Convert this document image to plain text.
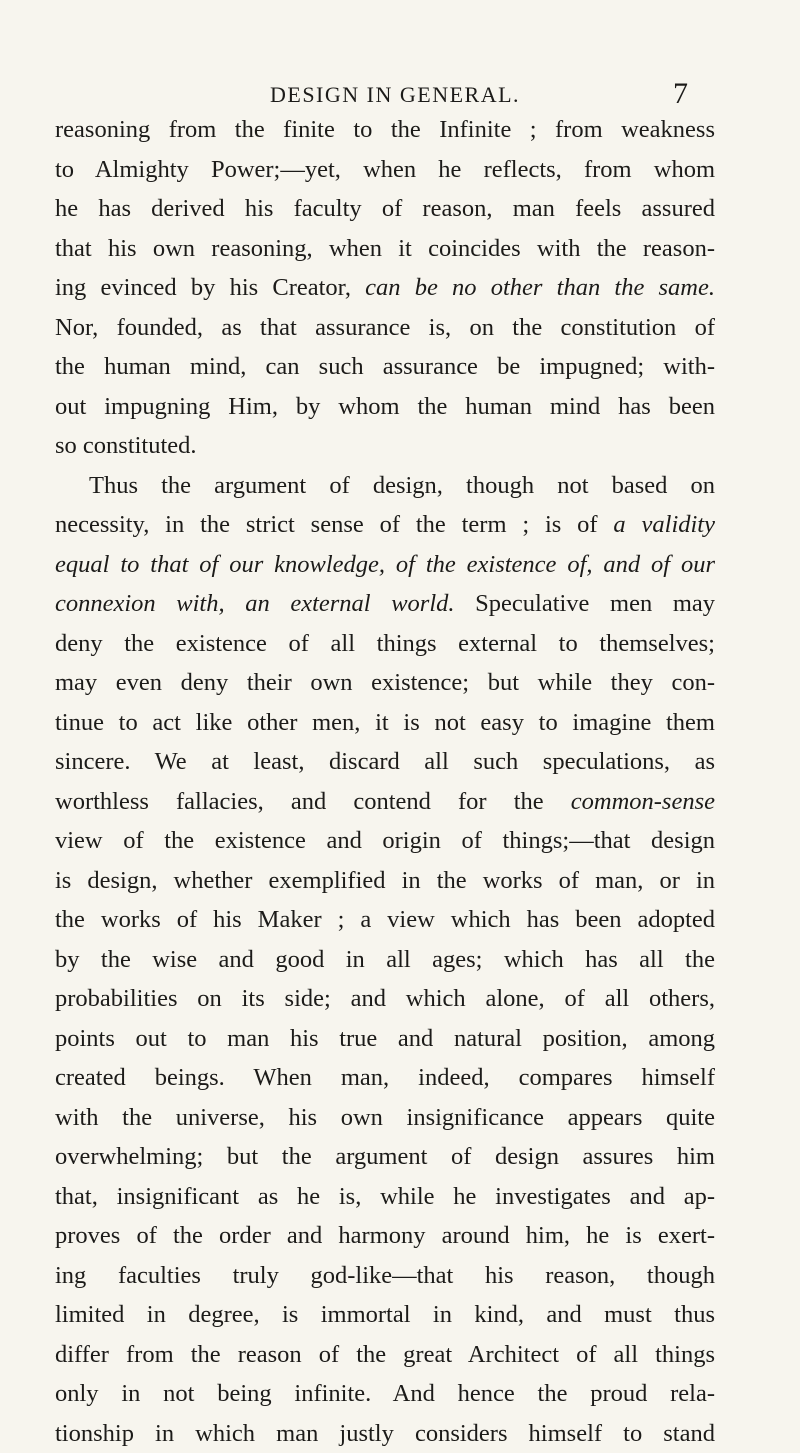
DESIGN IN GENERAL.	7
reasoning from the finite to the Infinite ; from weakness
to Almighty Power;—yet, when he reflects, from whom
he has derived his faculty of reason, man feels assured
that his own reasoning, when it coincides with the reason-
ing evinced by his Creator, can be no other than the same.
Nor, founded, as that assurance is, on the constitution of
the human mind, can such assurance be impugned; with-
out impugning Him, by whom the human mind has been
so constituted.
Thus the argument of design, though not based on
necessity, in the strict sense of the term ; is of a validity
equal to that of our knowledge, of the existence of, and of our
connexion with, an external world. Speculative men may
deny the existence of all things external to themselves;
may even deny their own existence; but while they con-
tinue to act like other men, it is not easy to imagine them
sincere. We at least, discard all such speculations, as
worthless fallacies, and contend for the common-sense
view of the existence and origin of things;—that design
is design, whether exemplified in the works of man, or in
the works of his Maker ; a view which has been adopted
by the wise and good in all ages; which has all the
probabilities on its side; and which alone, of all others,
points out to man his true and natural position, among
created beings. When man, indeed, compares himself
with the universe, his own insignificance appears quite
overwhelming; but the argument of design assures him
that, insignificant as he is, while he investigates and ap-
proves of the order and harmony around him, he is exert-
ing faculties truly god-like—that his reason, though
limited in degree, is immortal in kind, and must thus
differ from the reason of the great Architect of all things
only in not being infinite. And hence the proud rela-
tionship in which man justly considers himself to stand
